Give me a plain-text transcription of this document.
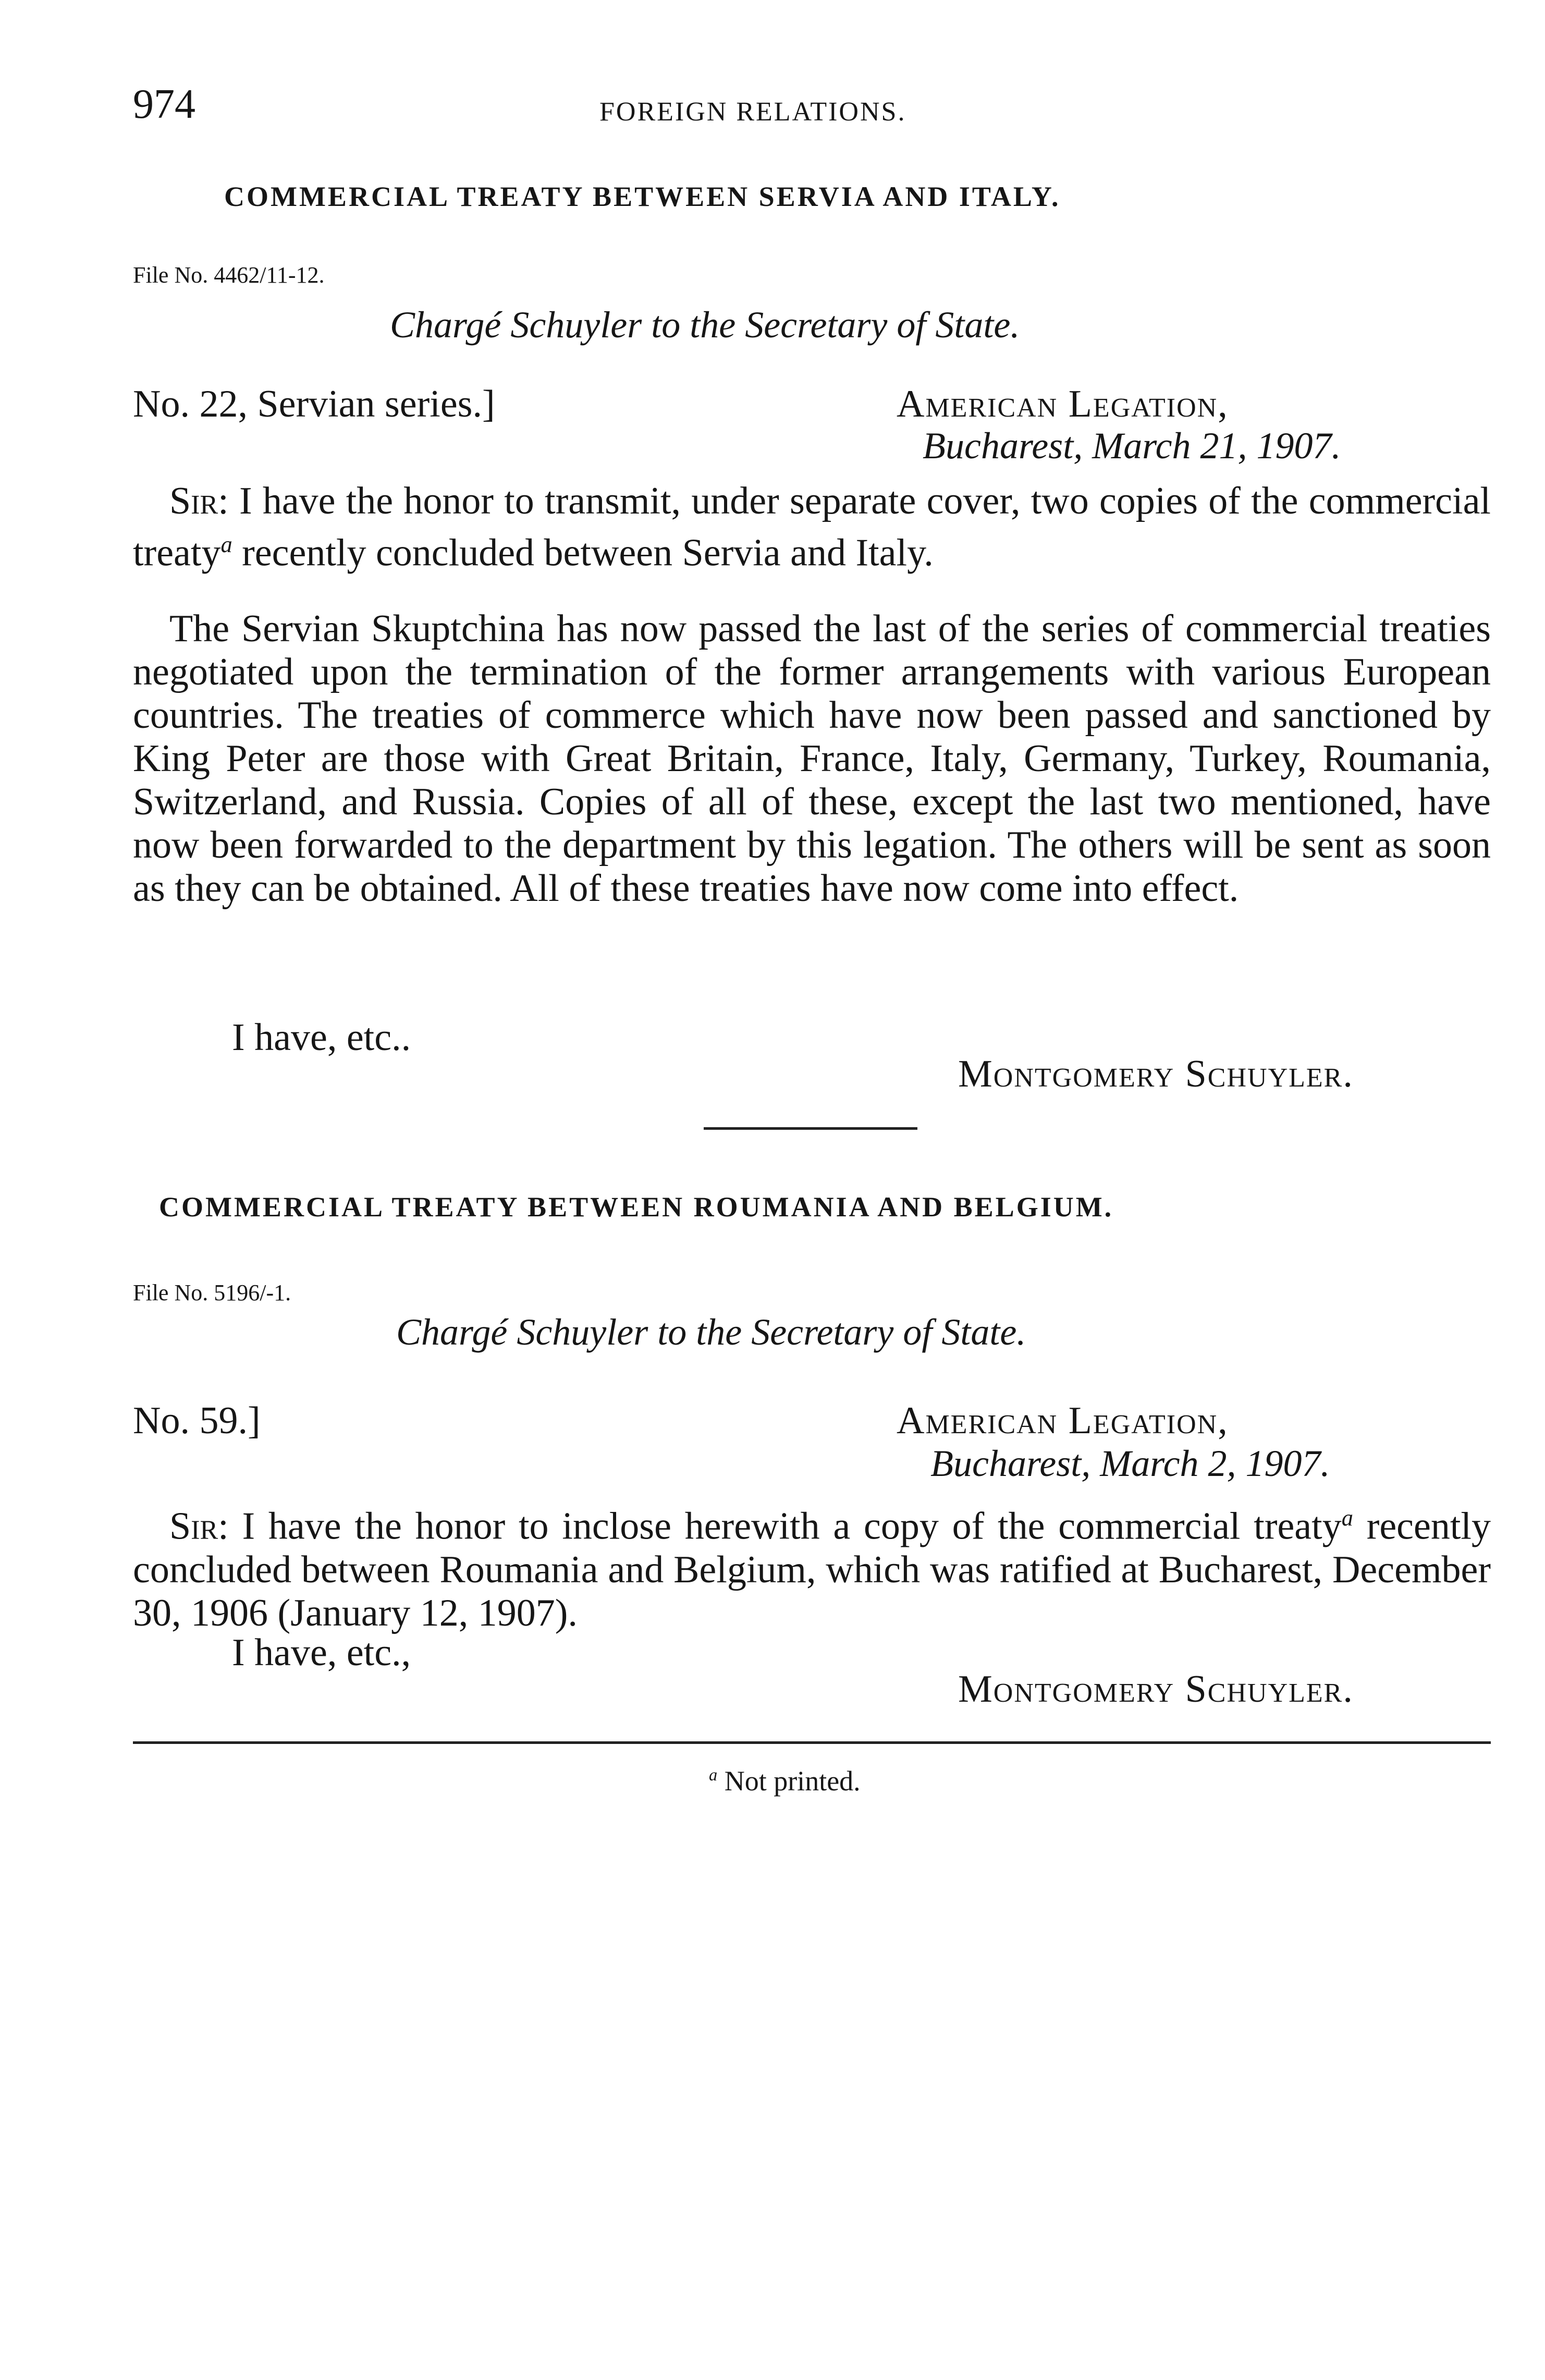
974	FOREIGN RELATIONS.
COMMERCIAL TREATY BETWEEN SERVIA AND ITALY.
File No. 4462/11-12.
Chargé Schuyler to the Secretary of State.
No. 22, Servian series.]	American Legation,
Bucharest, March 21, 1907.
Sir: I have the honor to transmit, under separate cover, two copies of the commercial treaty$^a$ recently concluded between Servia and Italy.
The Servian Skuptchina has now passed the last of the series of commercial treaties negotiated upon the termination of the former arrangements with various European countries. The treaties of commerce which have now been passed and sanctioned by King Peter are those with Great Britain, France, Italy, Germany, Turkey, Roumania, Switzerland, and Russia. Copies of all of these, except the last two mentioned, have now been forwarded to the department by this legation. The others will be sent as soon as they can be obtained. All of these treaties have now come into effect.
I have, etc..
Montgomery Schuyler.
COMMERCIAL TREATY BETWEEN ROUMANIA AND BELGIUM.
File No. 5196/-1.
Chargé Schuyler to the Secretary of State.
No. 59.]	American Legation,
Bucharest, March 2, 1907.
Sir: I have the honor to inclose herewith a copy of the commercial treaty$^a$ recently concluded between Roumania and Belgium, which was ratified at Bucharest, December 30, 1906 (January 12, 1907).
I have, etc.,
Montgomery Schuyler.
$^a$ Not printed.
